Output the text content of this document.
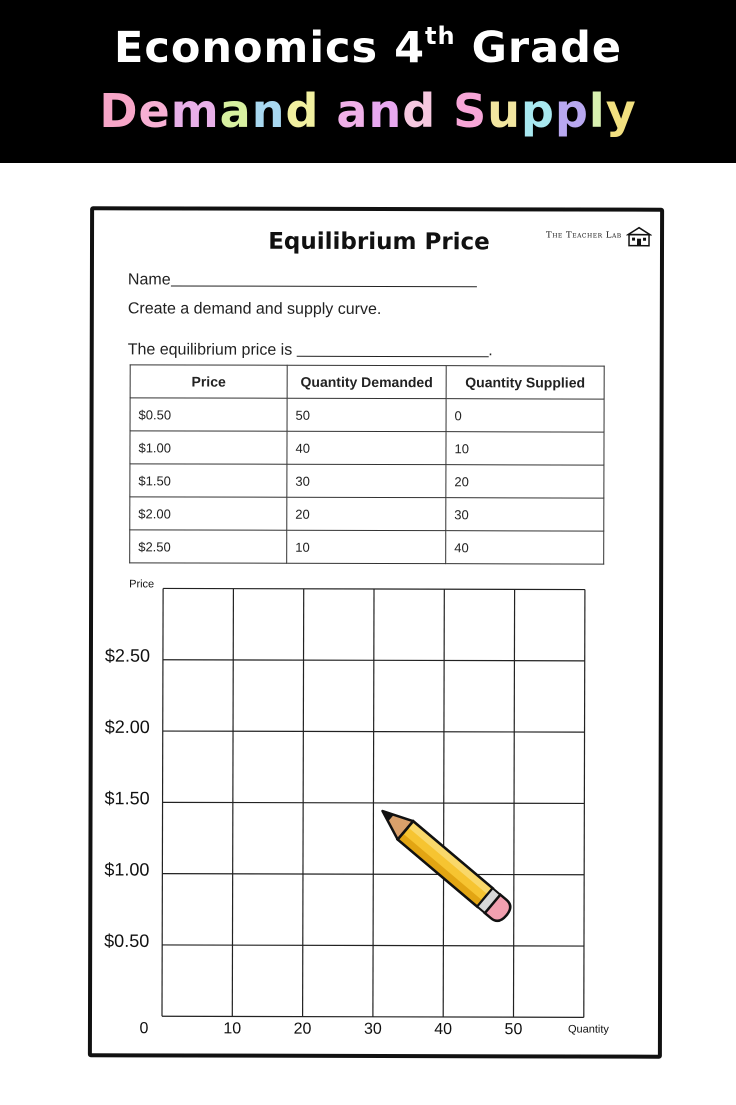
Economics 4th Grade
Demand and Supply
Equilibrium Price	The Teacher Lab
Name
Create a demand and supply curve.
The equilibrium price is	.
Price	Quantity Demanded	Quantity Supplied
$0.50	50	0
$1.00	40	10
$1.50	30	20
$2.00	20	30
$2.50	10	40
Price
Quantity
$2.50
$2.00
$1.50
$1.00
$0.50
0	10	20	30	40	50
